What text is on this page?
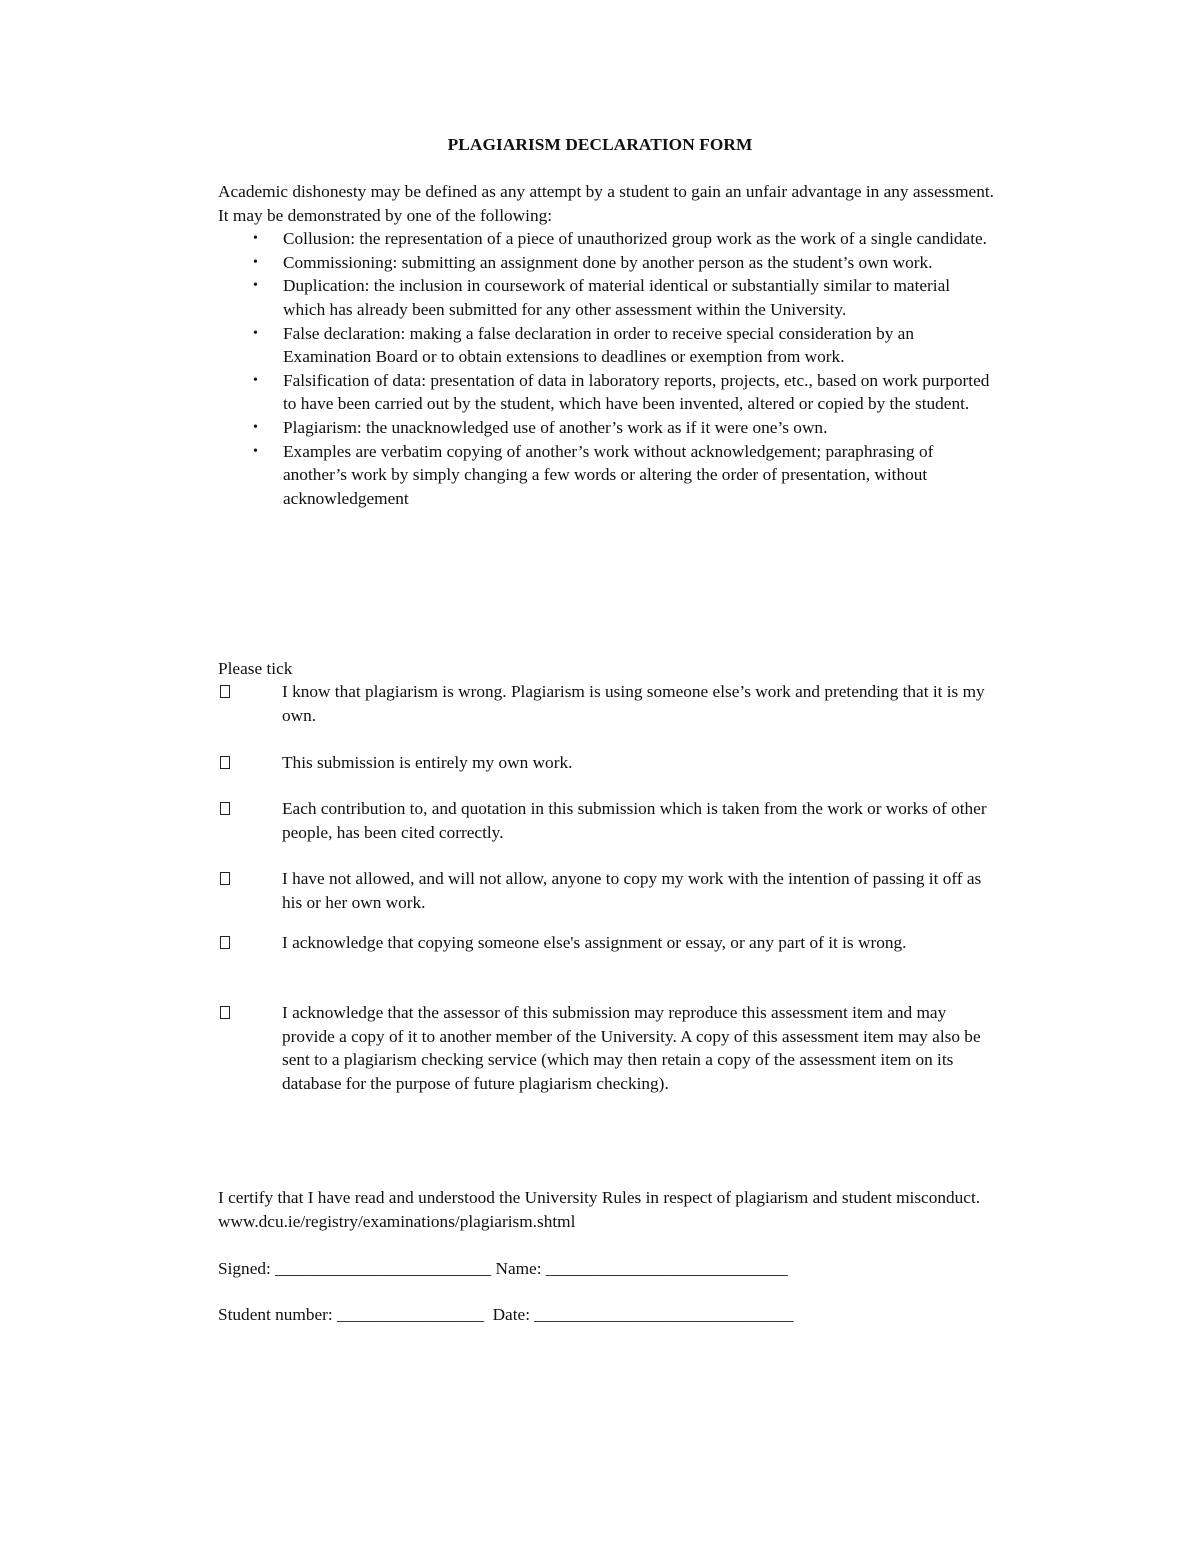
PLAGIARISM DECLARATION FORM

Academic dishonesty may be defined as any attempt by a student to gain an unfair advantage in any assessment. It may be demonstrated by one of the following:

• Collusion: the representation of a piece of unauthorized group work as the work of a single candidate.
• Commissioning: submitting an assignment done by another person as the student’s own work.
• Duplication: the inclusion in coursework of material identical or substantially similar to material which has already been submitted for any other assessment within the University.
• False declaration: making a false declaration in order to receive special consideration by an Examination Board or to obtain extensions to deadlines or exemption from work.
• Falsification of data: presentation of data in laboratory reports, projects, etc., based on work purported to have been carried out by the student, which have been invented, altered or copied by the student.
• Plagiarism: the unacknowledged use of another’s work as if it were one’s own.
• Examples are verbatim copying of another’s work without acknowledgement; paraphrasing of another’s work by simply changing a few words or altering the order of presentation, without acknowledgement
Please tick
I know that plagiarism is wrong. Plagiarism is using someone else’s work and pretending that it is my own.
This submission is entirely my own work.
Each contribution to, and quotation in this submission which is taken from the work or works of other people, has been cited correctly.
I have not allowed, and will not allow, anyone to copy my work with the intention of passing it off as his or her own work.
I acknowledge that copying someone else's assignment or essay, or any part of it is wrong.
I acknowledge that the assessor of this submission may reproduce this assessment item and may provide a copy of it to another member of the University. A copy of this assessment item may also be sent to a plagiarism checking service (which may then retain a copy of the assessment item on its database for the purpose of future plagiarism checking).
I certify that I have read and understood the University Rules in respect of plagiarism and student misconduct. www.dcu.ie/registry/examinations/plagiarism.shtml
Signed: _________________________ Name: ____________________________
Student number: _________________  Date: ______________________________
